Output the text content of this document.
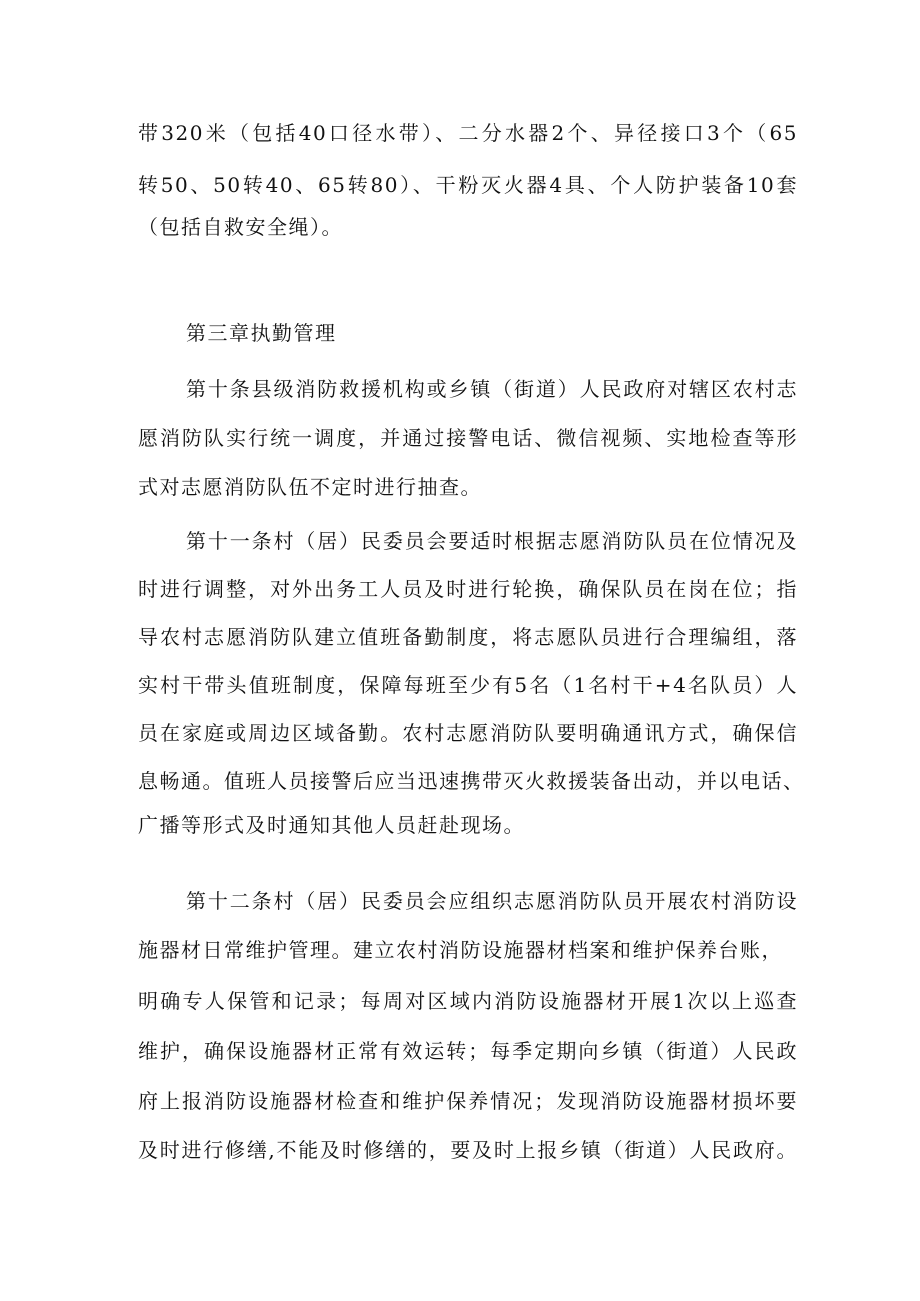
带320米（包括40口径水带）、二分水器2个、异径接口3个（65
转50、50转40、65转80）、干粉灭火器4具、个人防护装备10套
（包括自救安全绳）。
第三章执勤管理
第十条县级消防救援机构或乡镇（街道）人民政府对辖区农村志
愿消防队实行统一调度，并通过接警电话、微信视频、实地检查等形
式对志愿消防队伍不定时进行抽查。
第十一条村（居）民委员会要适时根据志愿消防队员在位情况及
时进行调整，对外出务工人员及时进行轮换，确保队员在岗在位；指
导农村志愿消防队建立值班备勤制度，将志愿队员进行合理编组，落
实村干带头值班制度，保障每班至少有5名（1名村干+4名队员）人
员在家庭或周边区域备勤。农村志愿消防队要明确通讯方式，确保信
息畅通。值班人员接警后应当迅速携带灭火救援装备出动，并以电话、
广播等形式及时通知其他人员赶赴现场。
第十二条村（居）民委员会应组织志愿消防队员开展农村消防设
施器材日常维护管理。建立农村消防设施器材档案和维护保养台账，
明确专人保管和记录；每周对区域内消防设施器材开展1次以上巡查
维护，确保设施器材正常有效运转；每季定期向乡镇（街道）人民政
府上报消防设施器材检查和维护保养情况；发现消防设施器材损坏要
及时进行修缮,不能及时修缮的，要及时上报乡镇（街道）人民政府。
